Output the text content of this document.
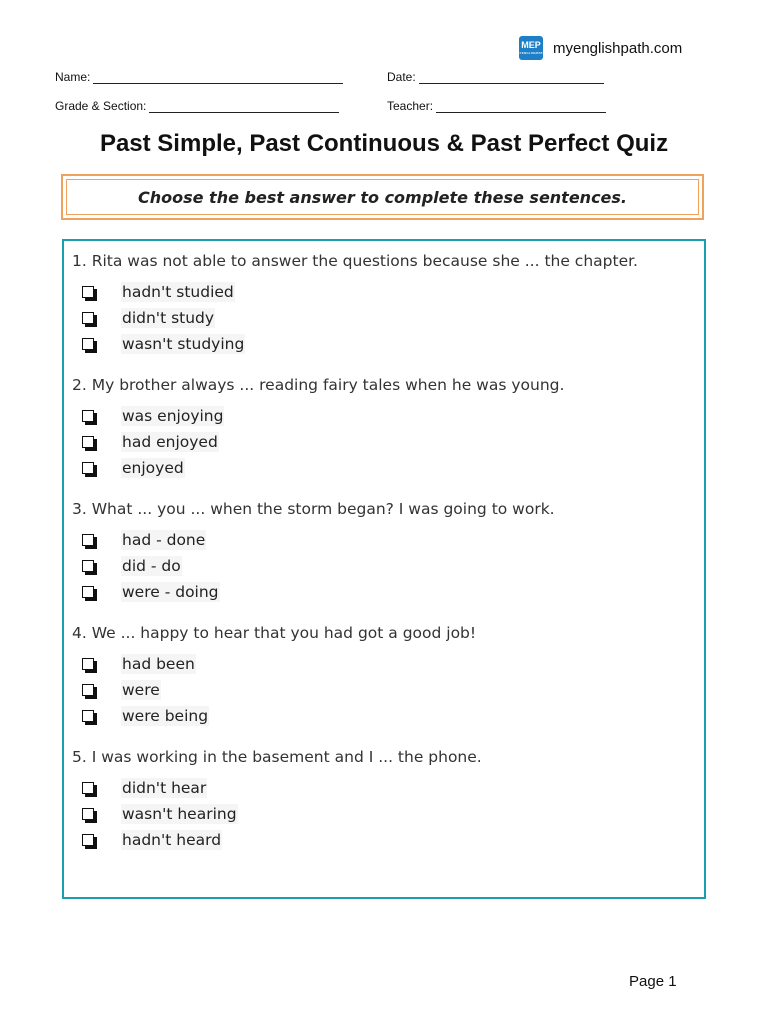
MEP
MYENGLISHPATH myenglishpath.com
Name:	Date:
Grade & Section:	Teacher:
Past Simple, Past Continuous & Past Perfect Quiz
Choose the best answer to complete these sentences.
1. Rita was not able to answer the questions because she ... the chapter.
hadn't studied
didn't study
wasn't studying
2. My brother always ... reading fairy tales when he was young.
was enjoying
had enjoyed
enjoyed
3. What ... you ... when the storm began? I was going to work.
had - done
did - do
were - doing
4. We ... happy to hear that you had got a good job!
had been
were
were being
5. I was working in the basement and I ... the phone.
didn't hear
wasn't hearing
hadn't heard
Page 1
